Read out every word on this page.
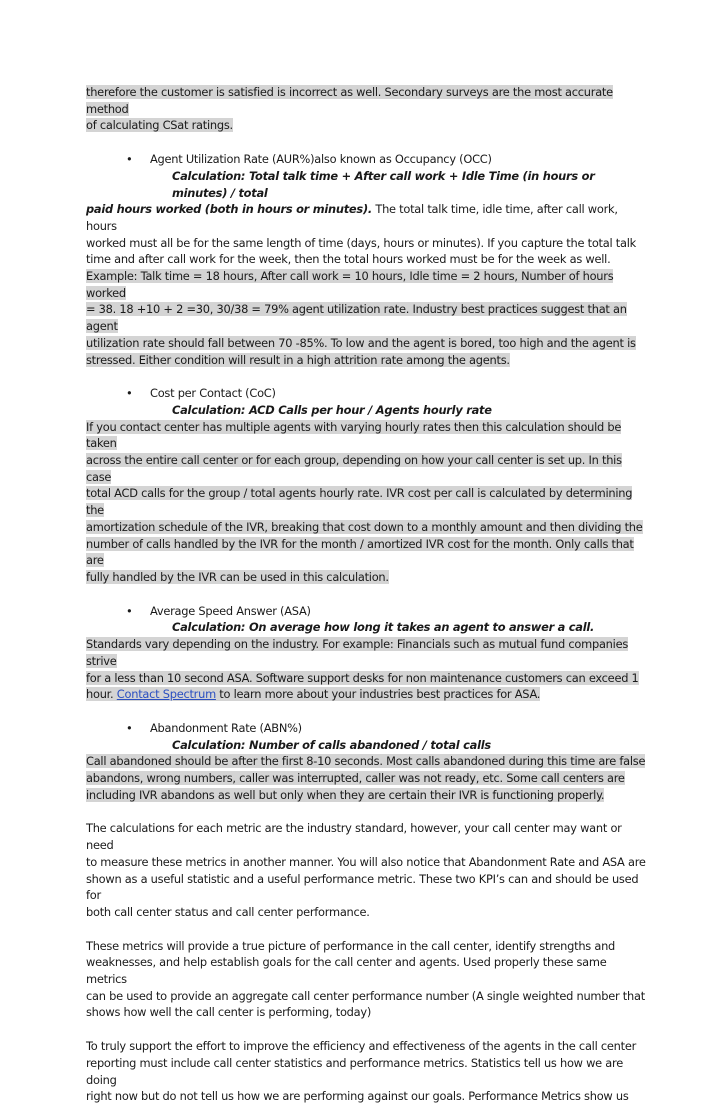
therefore the customer is satisfied is incorrect as well. Secondary surveys are the most accurate method
of calculating CSat ratings.

• Agent Utilization Rate (AUR%)also known as Occupancy (OCC)

Calculation: Total talk time + After call work + Idle Time (in hours or minutes) / total

paid hours worked (both in hours or minutes). The total talk time, idle time, after call work, hours

worked must all be for the same length of time (days, hours or minutes). If you capture the total talk

time and after call work for the week, then the total hours worked must be for the week as well.

Example: Talk time = 18 hours, After call work = 10 hours, Idle time = 2 hours, Number of hours worked
= 38. 18 +10 + 2 =30, 30/38 = 79% agent utilization rate. Industry best practices suggest that an agent
utilization rate should fall between 70 -85%. To low and the agent is bored, too high and the agent is
stressed. Either condition will result in a high attrition rate among the agents.

• Cost per Contact (CoC)

Calculation: ACD Calls per hour / Agents hourly rate

If you contact center has multiple agents with varying hourly rates then this calculation should be taken
across the entire call center or for each group, depending on how your call center is set up. In this case
total ACD calls for the group / total agents hourly rate. IVR cost per call is calculated by determining the
amortization schedule of the IVR, breaking that cost down to a monthly amount and then dividing the
number of calls handled by the IVR for the month / amortized IVR cost for the month. Only calls that are
fully handled by the IVR can be used in this calculation.

• Average Speed Answer (ASA)

Calculation: On average how long it takes an agent to answer a call.

Standards vary depending on the industry. For example: Financials such as mutual fund companies strive
for a less than 10 second ASA. Software support desks for non maintenance customers can exceed 1
hour. Contact Spectrum to learn more about your industries best practices for ASA.

• Abandonment Rate (ABN%)

Calculation: Number of calls abandoned / total calls

Call abandoned should be after the first 8-10 seconds. Most calls abandoned during this time are false
abandons, wrong numbers, caller was interrupted, caller was not ready, etc. Some call centers are
including IVR abandons as well but only when they are certain their IVR is functioning properly.

The calculations for each metric are the industry standard, however, your call center may want or need
to measure these metrics in another manner. You will also notice that Abandonment Rate and ASA are
shown as a useful statistic and a useful performance metric. These two KPI’s can and should be used for
both call center status and call center performance.

These metrics will provide a true picture of performance in the call center, identify strengths and
weaknesses, and help establish goals for the call center and agents. Used properly these same metrics
can be used to provide an aggregate call center performance number (A single weighted number that
shows how well the call center is performing, today)

To truly support the effort to improve the efficiency and effectiveness of the agents in the call center
reporting must include call center statistics and performance metrics. Statistics tell us how we are doing
right now but do not tell us how we are performing against our goals. Performance Metrics show us
